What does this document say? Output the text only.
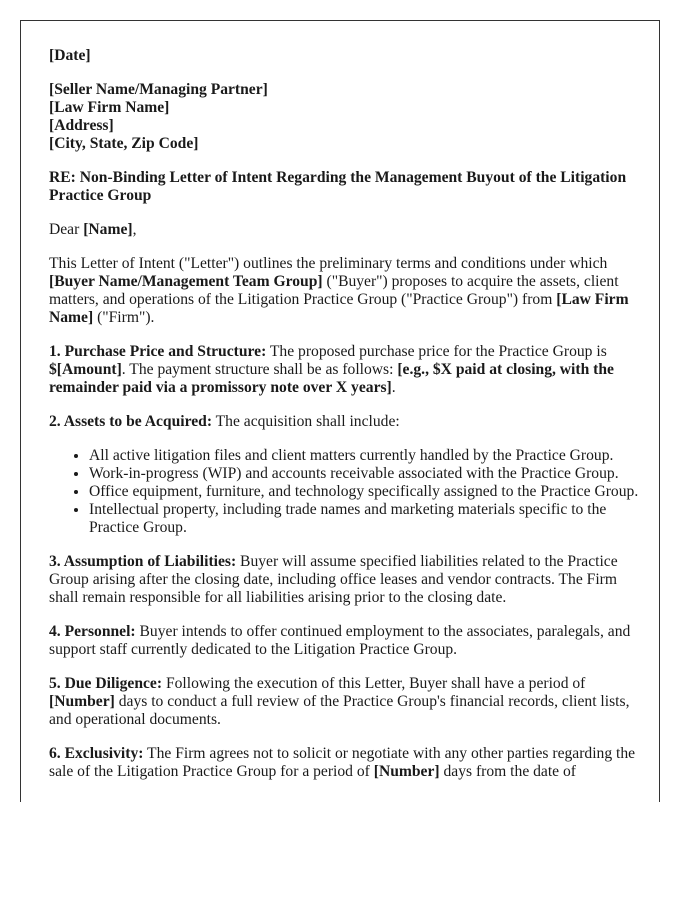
[Date]

[Seller Name/Managing Partner]
[Law Firm Name]
[Address]
[City, State, Zip Code]

RE: Non-Binding Letter of Intent Regarding the Management Buyout of the Litigation Practice Group

Dear [Name],

This Letter of Intent ("Letter") outlines the preliminary terms and conditions under which [Buyer Name/Management Team Group] ("Buyer") proposes to acquire the assets, client matters, and operations of the Litigation Practice Group ("Practice Group") from [Law Firm Name] ("Firm").

1. Purchase Price and Structure: The proposed purchase price for the Practice Group is $[Amount]. The payment structure shall be as follows: [e.g., $X paid at closing, with the remainder paid via a promissory note over X years].

2. Assets to be Acquired: The acquisition shall include:

• All active litigation files and client matters currently handled by the Practice Group.
• Work-in-progress (WIP) and accounts receivable associated with the Practice Group.
• Office equipment, furniture, and technology specifically assigned to the Practice Group.
• Intellectual property, including trade names and marketing materials specific to the Practice Group.

3. Assumption of Liabilities: Buyer will assume specified liabilities related to the Practice Group arising after the closing date, including office leases and vendor contracts. The Firm shall remain responsible for all liabilities arising prior to the closing date.

4. Personnel: Buyer intends to offer continued employment to the associates, paralegals, and support staff currently dedicated to the Litigation Practice Group.

5. Due Diligence: Following the execution of this Letter, Buyer shall have a period of [Number] days to conduct a full review of the Practice Group's financial records, client lists, and operational documents.

6. Exclusivity: The Firm agrees not to solicit or negotiate with any other parties regarding the sale of the Litigation Practice Group for a period of [Number] days from the date of
